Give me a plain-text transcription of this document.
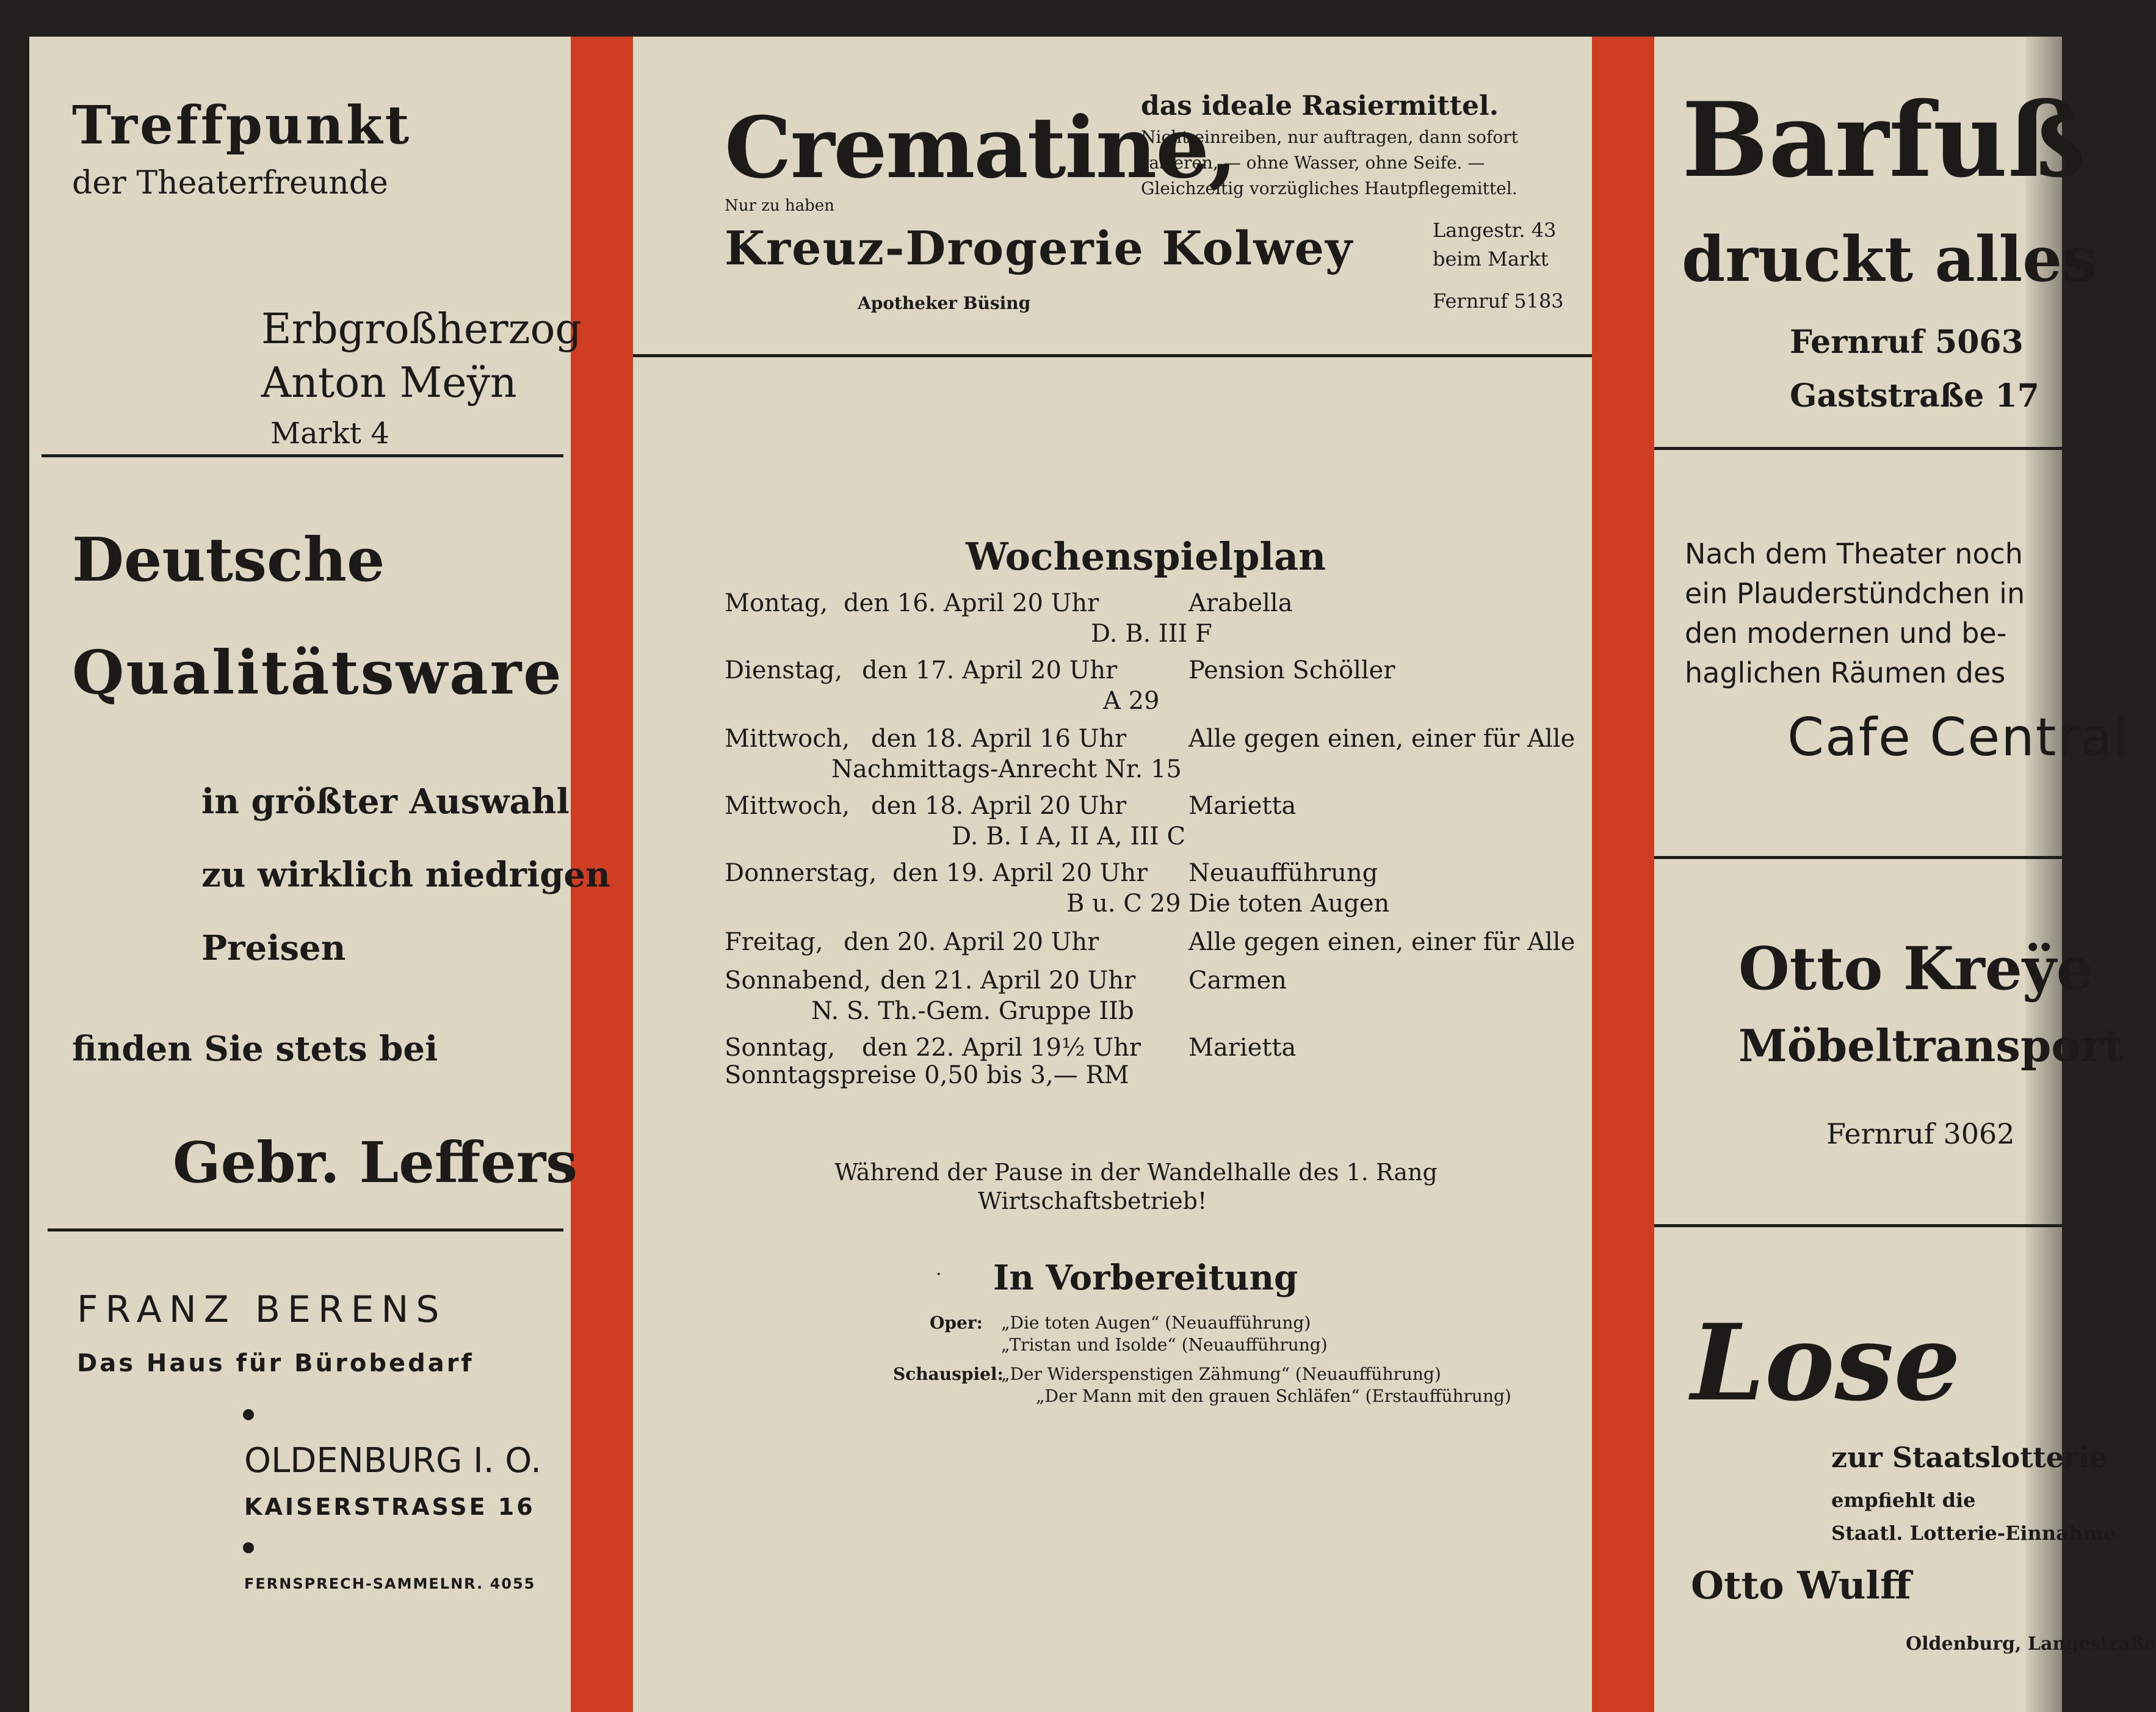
Treffpunkt
der Theaterfreunde
Erbgroßherzog
Anton Meÿn
Markt 4
Deutsche
Qualitätsware
in größter Auswahl
zu wirklich niedrigen
Preisen
finden Sie stets bei
Gebr. Leffers
FRANZ BERENS
Das Haus für Bürobedarf
OLDENBURG I. O.
KAISERSTRASSE 16
FERNSPRECH-SAMMELNR. 4055
Crematine,
das ideale Rasiermittel.
Nicht einreiben, nur auftragen, dann sofort
rasieren, — ohne Wasser, ohne Seife. —
Gleichzeitig vorzügliches Hautpflegemittel.
Nur zu haben
Kreuz-Drogerie Kolwey
Apotheker Büsing
Langestr. 43
beim Markt
Fernruf 5183
Wochenspielplan
Montag, den 16. April 20 Uhr
D. B. III F
Arabella
Dienstag, den 17. April 20 Uhr
A 29
Pension Schöller
Mittwoch, den 18. April 16 Uhr
Nachmittags-Anrecht Nr. 15
Alle gegen einen, einer für Alle
Mittwoch, den 18. April 20 Uhr
D. B. I A, II A, III C
Marietta
Donnerstag, den 19. April 20 Uhr
B u. C 29
Neuaufführung
Die toten Augen
Freitag, den 20. April 20 Uhr	Alle gegen einen, einer für Alle
Sonnabend, den 21. April 20 Uhr
N. S. Th.-Gem. Gruppe IIb
Carmen
Sonntag, den 22. April 19½ Uhr
Sonntagspreise 0,50 bis 3,— RM
Marietta
Während der Pause in der Wandelhalle des 1. Rang
Wirtschaftsbetrieb!
· In Vorbereitung
Oper: „Die toten Augen“ (Neuaufführung)
„Tristan und Isolde“ (Neuaufführung)
Schauspiel:
„Der Widerspenstigen Zähmung“ (Neuaufführung)
„Der Mann mit den grauen Schläfen“ (Erstaufführung)
Barfuß
druckt alles
Fernruf 5063
Gaststraße 17
Nach dem Theater noch
ein Plauderstündchen in
den modernen und be-
haglichen Räumen des
Cafe Central
Otto Kreÿe
Möbeltransport
Fernruf 3062
Lose
zur Staatslotterie
empfiehlt die
Staatl. Lotterie-Einnahme
Otto Wulff
Oldenburg, Langestraße
